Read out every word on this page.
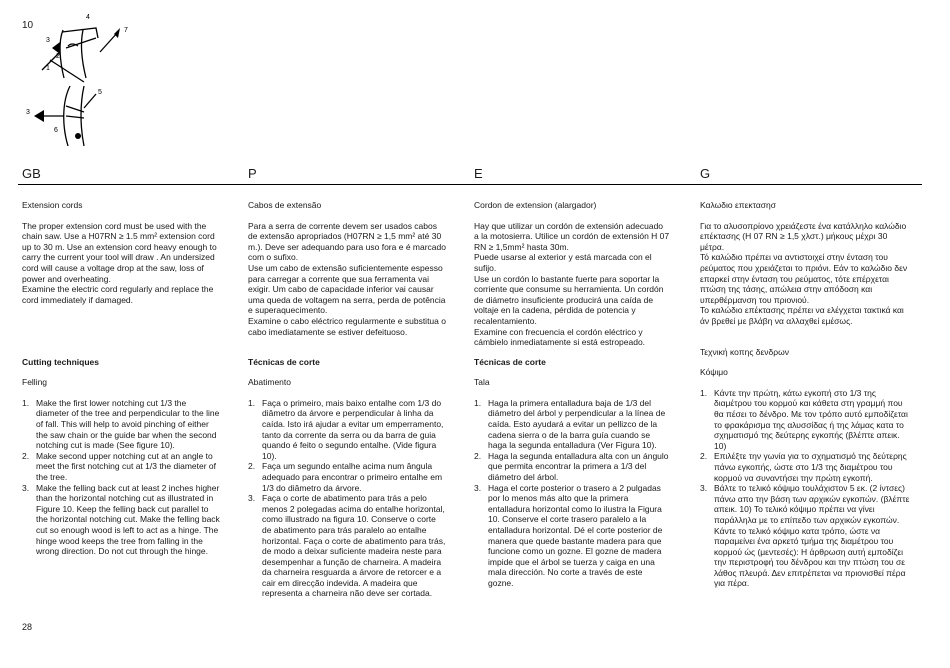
10
4
3
2
1
7
5
3
6
GB	P	E	G

Extension cords

The proper extension cord must be used with the chain saw. Use a H07RN ≥ 1.5 mm² extension cord up to 30 m. Use an extension cord heavy enough to carry the current your tool will draw . An undersized cord will cause a voltage drop at the saw, loss of power and overheating.
Examine the electric cord regularly and replace the cord immediately if damaged.

Cutting techniques

Felling

1. Make the first lower notching cut 1/3 the diameter of the tree and perpendicular to the line of fall. This will help to avoid pinching of either the saw chain or the guide bar when the second notching cut is made (See figure 10).
2. Make second upper notching cut at an angle to meet the first notching cut at 1/3 the diameter of the tree.
3. Make the felling back cut at least 2 inches higher than the horizontal notching cut as illustrated in Figure 10. Keep the felling back cut parallel to the horizontal notching cut. Make the felling back cut so enough wood is left to act as a hinge. The hinge wood keeps the tree from falling in the wrong direction. Do not cut through the hinge.

Cabos de extensão

Para a serra de corrente devem ser usados cabos de extensão apropriados (H07RN ≥ 1,5 mm² até 30 m.). Deve ser adequando para uso fora e é marcado com o sufixo.
Use um cabo de extensão suficientemente espesso para carregar a corrente que sua ferramenta vai exigir. Um cabo de capacidade inferior vai causar uma queda de voltagem na serra, perda de potência e superaquecimento.
Examine o cabo eléctrico regularmente e substitua o cabo imediatamente se estiver defeituoso.

Técnicas de corte

Abatimento

1. Faça o primeiro, mais baixo entalhe com 1/3 do diâmetro da árvore e perpendicular à linha da caída. Isto irá ajudar a evitar um emperramento, tanto da corrente da serra ou da barra de guia quando é feito o segundo entalhe. (Vide figura 10).
2. Faça um segundo entalhe acima num ângula adequado para encontrar o primeiro entalhe em 1/3 do diâmetro da árvore.
3. Faça o corte de abatimento para trás a pelo menos 2 polegadas acima do entalhe horizontal, como illustrado na figura 10. Conserve o corte de abatimento para trás paralelo ao entalhe horizontal. Faça o corte de abatimento para trás, de modo a deixar suficiente madeira neste para desempenhar a função de charneira. A madeira da charneira resguarda a árvore de retorcer e a cair em direcção indevida. A madeira que representa a charneira não deve ser cortada.

Cordon de extension (alargador)

Hay que utilizar un cordón de extensión adecuado a la motosierra. Utilice un cordón de extensión H 07 RN ≥ 1,5mm² hasta 30m.
Puede usarse al exterior y está marcada con el sufijo.
Use un cordón lo bastante fuerte para soportar la corriente que consume su herramienta. Un cordón de diámetro insuficiente producirá una caída de voltaje en la cadena, pérdida de potencia y recalentamiento.
Examine con frecuencia el cordón eléctrico y cámbielo inmediatamente si está estropeado.

Técnicas de corte

Tala

1. Haga la primera entalladura baja de 1/3 del diámetro del árbol y perpendicular a la línea de caída. Esto ayudará a evitar un pellizco de la cadena sierra o de la barra guía cuando se haga la segunda entalladura (Ver Figura 10).
2. Haga la segunda entalladura alta con un ángulo que permita encontrar la primera a 1/3 del diámetro del árbol.
3. Haga el corte posterior o trasero a 2 pulgadas por lo menos más alto que la primera entalladura horizontal como lo ilustra la Figura 10. Conserve el corte trasero paralelo a la entalladura horizontal. Dé el corte posterior de manera que quede bastante madera para que funcione como un gozne. El gozne de madera impide que el árbol se tuerza y caiga en una mala dirección. No corte a través de este gozne.

Καλωδιο επεκτασησ

Για το αλυσοπρίονο χρειάζεστε ένα κατάλληλο καλώδιο επέκτασης (H 07 RN ≥ 1,5 χλστ.) μήκους μέχρι 30 μέτρα.
Τό καλώδιο πρέπει να αντιστοιχεί στην ένταση του ρεύματος που χρειάζεται το πριόνι. Εάν το καλώδιο δεν επαρκεί στην ένταση του ρεύματος, τότε επέρχεται πτώση της τάσης, απώλεια στην απόδοση και υπερθέρμανση του πριονιού.
Το καλώδιο επέκτασης πρέπει να ελέγχεται τακτικά και άν βρεθεί με βλάβη να αλλαχθεί εμέσως.

Τεχνική κοπης δενδρων

Κόψιμο

1. Κάντε την πρώτη, κάτω εγκοπή στο 1/3 της διαμέτρου του κορμού και κάθετα στη γραμμή που θα πέσει το δένδρο. Με τον τρόπο αυτό εμποδίζεται το φρακάρισμα της αλυσσίδας ή της λάμας κατα το σχηματισμό της δεύτερης εγκοπής (βλέπτε απεικ. 10)
2. Επιλέξτε την γωνία για το σχηματισμό της δεύτερης πάνω εγκοπής, ώστε στο 1/3 της διαμέτρου του κορμού να συναντήσει την πρώτη εγκοπή.
3. Βάλτε το τελικό κόψιμο τουλάχιστον 5 εκ. (2 ίντσες) πάνω απο την βάση των αρχικών εγκοπών. (βλέπτε απεικ. 10) Το τελικό κόψιμο πρέπει να γίνει παράλληλα με το επίπεδο των αρχικών εγκοπών. Κάντε το τελικό κόψιμο κατα τρόπο, ώστε να παραμείνει ένα αρκετό τμήμα της διαμέτρου του κορμού ώς (μεντεσές): Η άρθρωση αυτή εμποδίζει την περιστροφή του δένδρου και την πτώση του σε λάθος πλευρά. Δεν επιτρέπεται να πριονισθεί πέρα για πέρα.
28
